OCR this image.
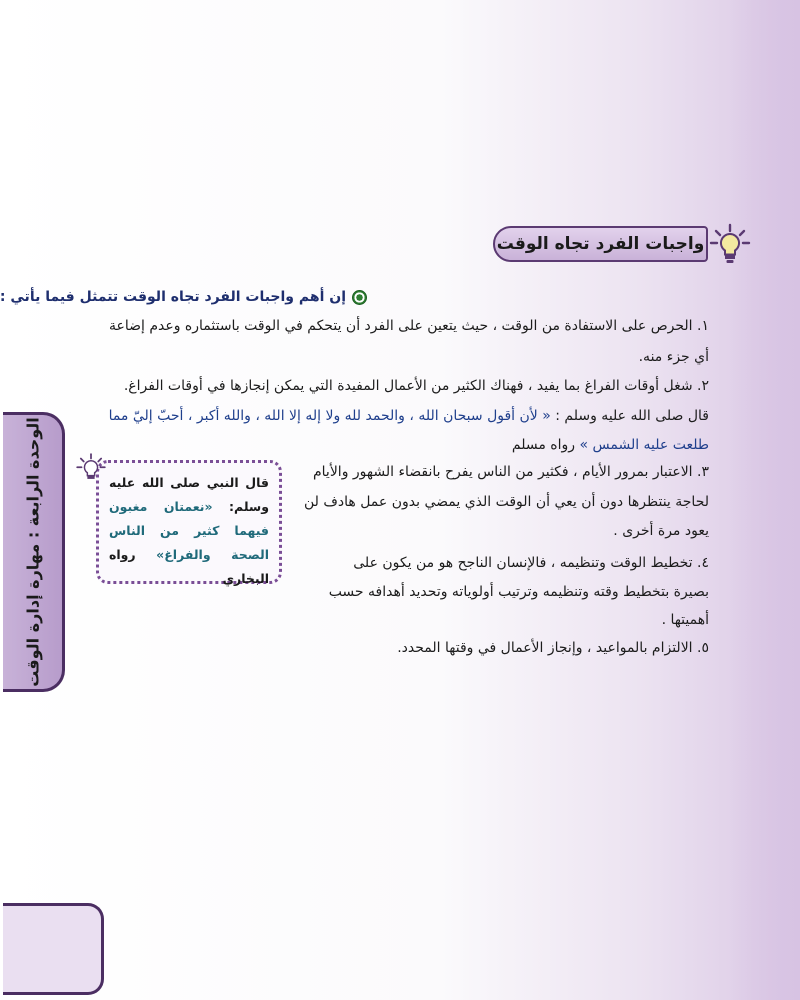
واجبات الفرد تجاه الوقت
إن أهم واجبات الفرد تجاه الوقت تتمثل فيما يأتي :
١. الحرص على الاستفادة من الوقت ، حيث يتعين على الفرد أن يتحكم في الوقت باستثماره وعدم إضاعة
أي جزء منه.
٢. شغل أوقات الفراغ بما يفيد ، فهناك الكثير من الأعمال المفيدة التي يمكن إنجازها في أوقات الفراغ.
قال صلى الله عليه وسلم : « لأن أقول سبحان الله ، والحمد لله ولا إله إلا الله ، والله أكبر ، أحبّ إليّ مما
طلعت عليه الشمس » رواه مسلم
٣. الاعتبار بمرور الأيام ، فكثير من الناس يفرح بانقضاء الشهور والأيام
لحاجة ينتظرها دون أن يعي أن الوقت الذي يمضي بدون عمل هادف لن
يعود مرة أخرى .
٤. تخطيط الوقت وتنظيمه ، فالإنسان الناجح هو من يكون على
بصيرة بتخطيط وقته وتنظيمه وترتيب أولوياته وتحديد أهدافه حسب
أهميتها .
٥. الالتزام بالمواعيد ، وإنجاز الأعمال في وقتها المحدد.
قال النبي صلى الله عليه وسلم: «نعمتان مغبون فيهما كثير من الناس الصحة والفراغ» رواه البخاري
الوحدة الرابعة : مهارة إدارة الوقت
